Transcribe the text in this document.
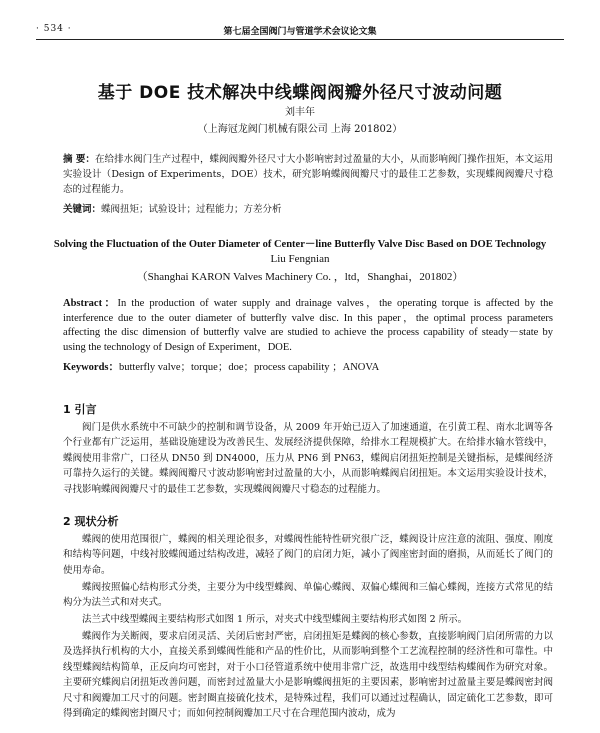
· 534 ·	第七届全国阀门与管道学术会议论文集
基于 DOE 技术解决中线蝶阀阀瓣外径尺寸波动问题
刘丰年
（上海冠龙阀门机械有限公司 上海 201802）
摘 要：在给排水阀门生产过程中，蝶阀阀瓣外径尺寸大小影响密封过盈量的大小，从而影响阀门操作扭矩，本文运用实验设计（Design of Experiments，DOE）技术，研究影响蝶阀阀瓣尺寸的最佳工艺参数，实现蝶阀阀瓣尺寸稳态的过程能力。
关键词：蝶阀扭矩；试验设计；过程能力；方差分析
Solving the Fluctuation of the Outer Diameter of Center－line Butterfly Valve Disc Based on DOE Technology
Liu Fengnian
（Shanghai KARON Valves Machinery Co. ，ltd，Shanghai，201802）
Abstract：In the production of water supply and drainage valves，the operating torque is affected by the interference due to the outer diameter of butterfly valve disc. In this paper，the optimal process parameters affecting the disc dimension of butterfly valve are studied to achieve the process capability of steady－state by using the technology of Design of Experiment，DOE.
Keywords：butterfly valve；torque；doe；process capability ；ANOVA
1 引言

阀门是供水系统中不可缺少的控制和调节设备，从 2009 年开始已迈入了加速通道，在引黄工程、南水北调等各个行业都有广泛运用，基础设施建设为改善民生、发展经济提供保障，给排水工程规模扩大。在给排水输水管线中，蝶阀使用非常广，口径从 DN50 到 DN4000，压力从 PN6 到 PN63，蝶阀启闭扭矩控制是关键指标，是蝶阀经济可靠持久运行的关键。蝶阀阀瓣尺寸波动影响密封过盈量的大小，从而影响蝶阀启闭扭矩。本文运用实验设计技术，寻找影响蝶阀阀瓣尺寸的最佳工艺参数，实现蝶阀阀瓣尺寸稳态的过程能力。

2 现状分析

蝶阀的使用范围很广，蝶阀的相关理论很多，对蝶阀性能特性研究很广泛，蝶阀设计应注意的流阻、强度、刚度和结构等问题，中线衬胶蝶阀通过结构改进，减轻了阀门的启闭力矩，减小了阀座密封面的磨损，从而延长了阀门的使用寿命。

蝶阀按照偏心结构形式分类，主要分为中线型蝶阀、单偏心蝶阀、双偏心蝶阀和三偏心蝶阀，连接方式常见的结构分为法兰式和对夹式。

法兰式中线型蝶阀主要结构形式如图 1 所示，对夹式中线型蝶阀主要结构形式如图 2 所示。

蝶阀作为关断阀，要求启闭灵活、关闭后密封严密，启闭扭矩是蝶阀的核心参数，直接影响阀门启闭所需的力以及选择执行机构的大小，直接关系到蝶阀性能和产品的性价比，从而影响到整个工艺流程控制的经济性和可靠性。中线型蝶阀结构简单，正反向均可密封，对于小口径管道系统中使用非常广泛，故选用中线型结构蝶阀作为研究对象。主要研究蝶阀启闭扭矩改善问题，而密封过盈量大小是影响蝶阀扭矩的主要因素，影响密封过盈量主要是蝶阀密封阀尺寸和阀瓣加工尺寸的问题。密封圈直接硫化技术，是特殊过程，我们可以通过过程确认，固定硫化工艺参数，即可得到确定的蝶阀密封圈尺寸；而如何控制阀瓣加工尺寸在合理范围内波动，成为
